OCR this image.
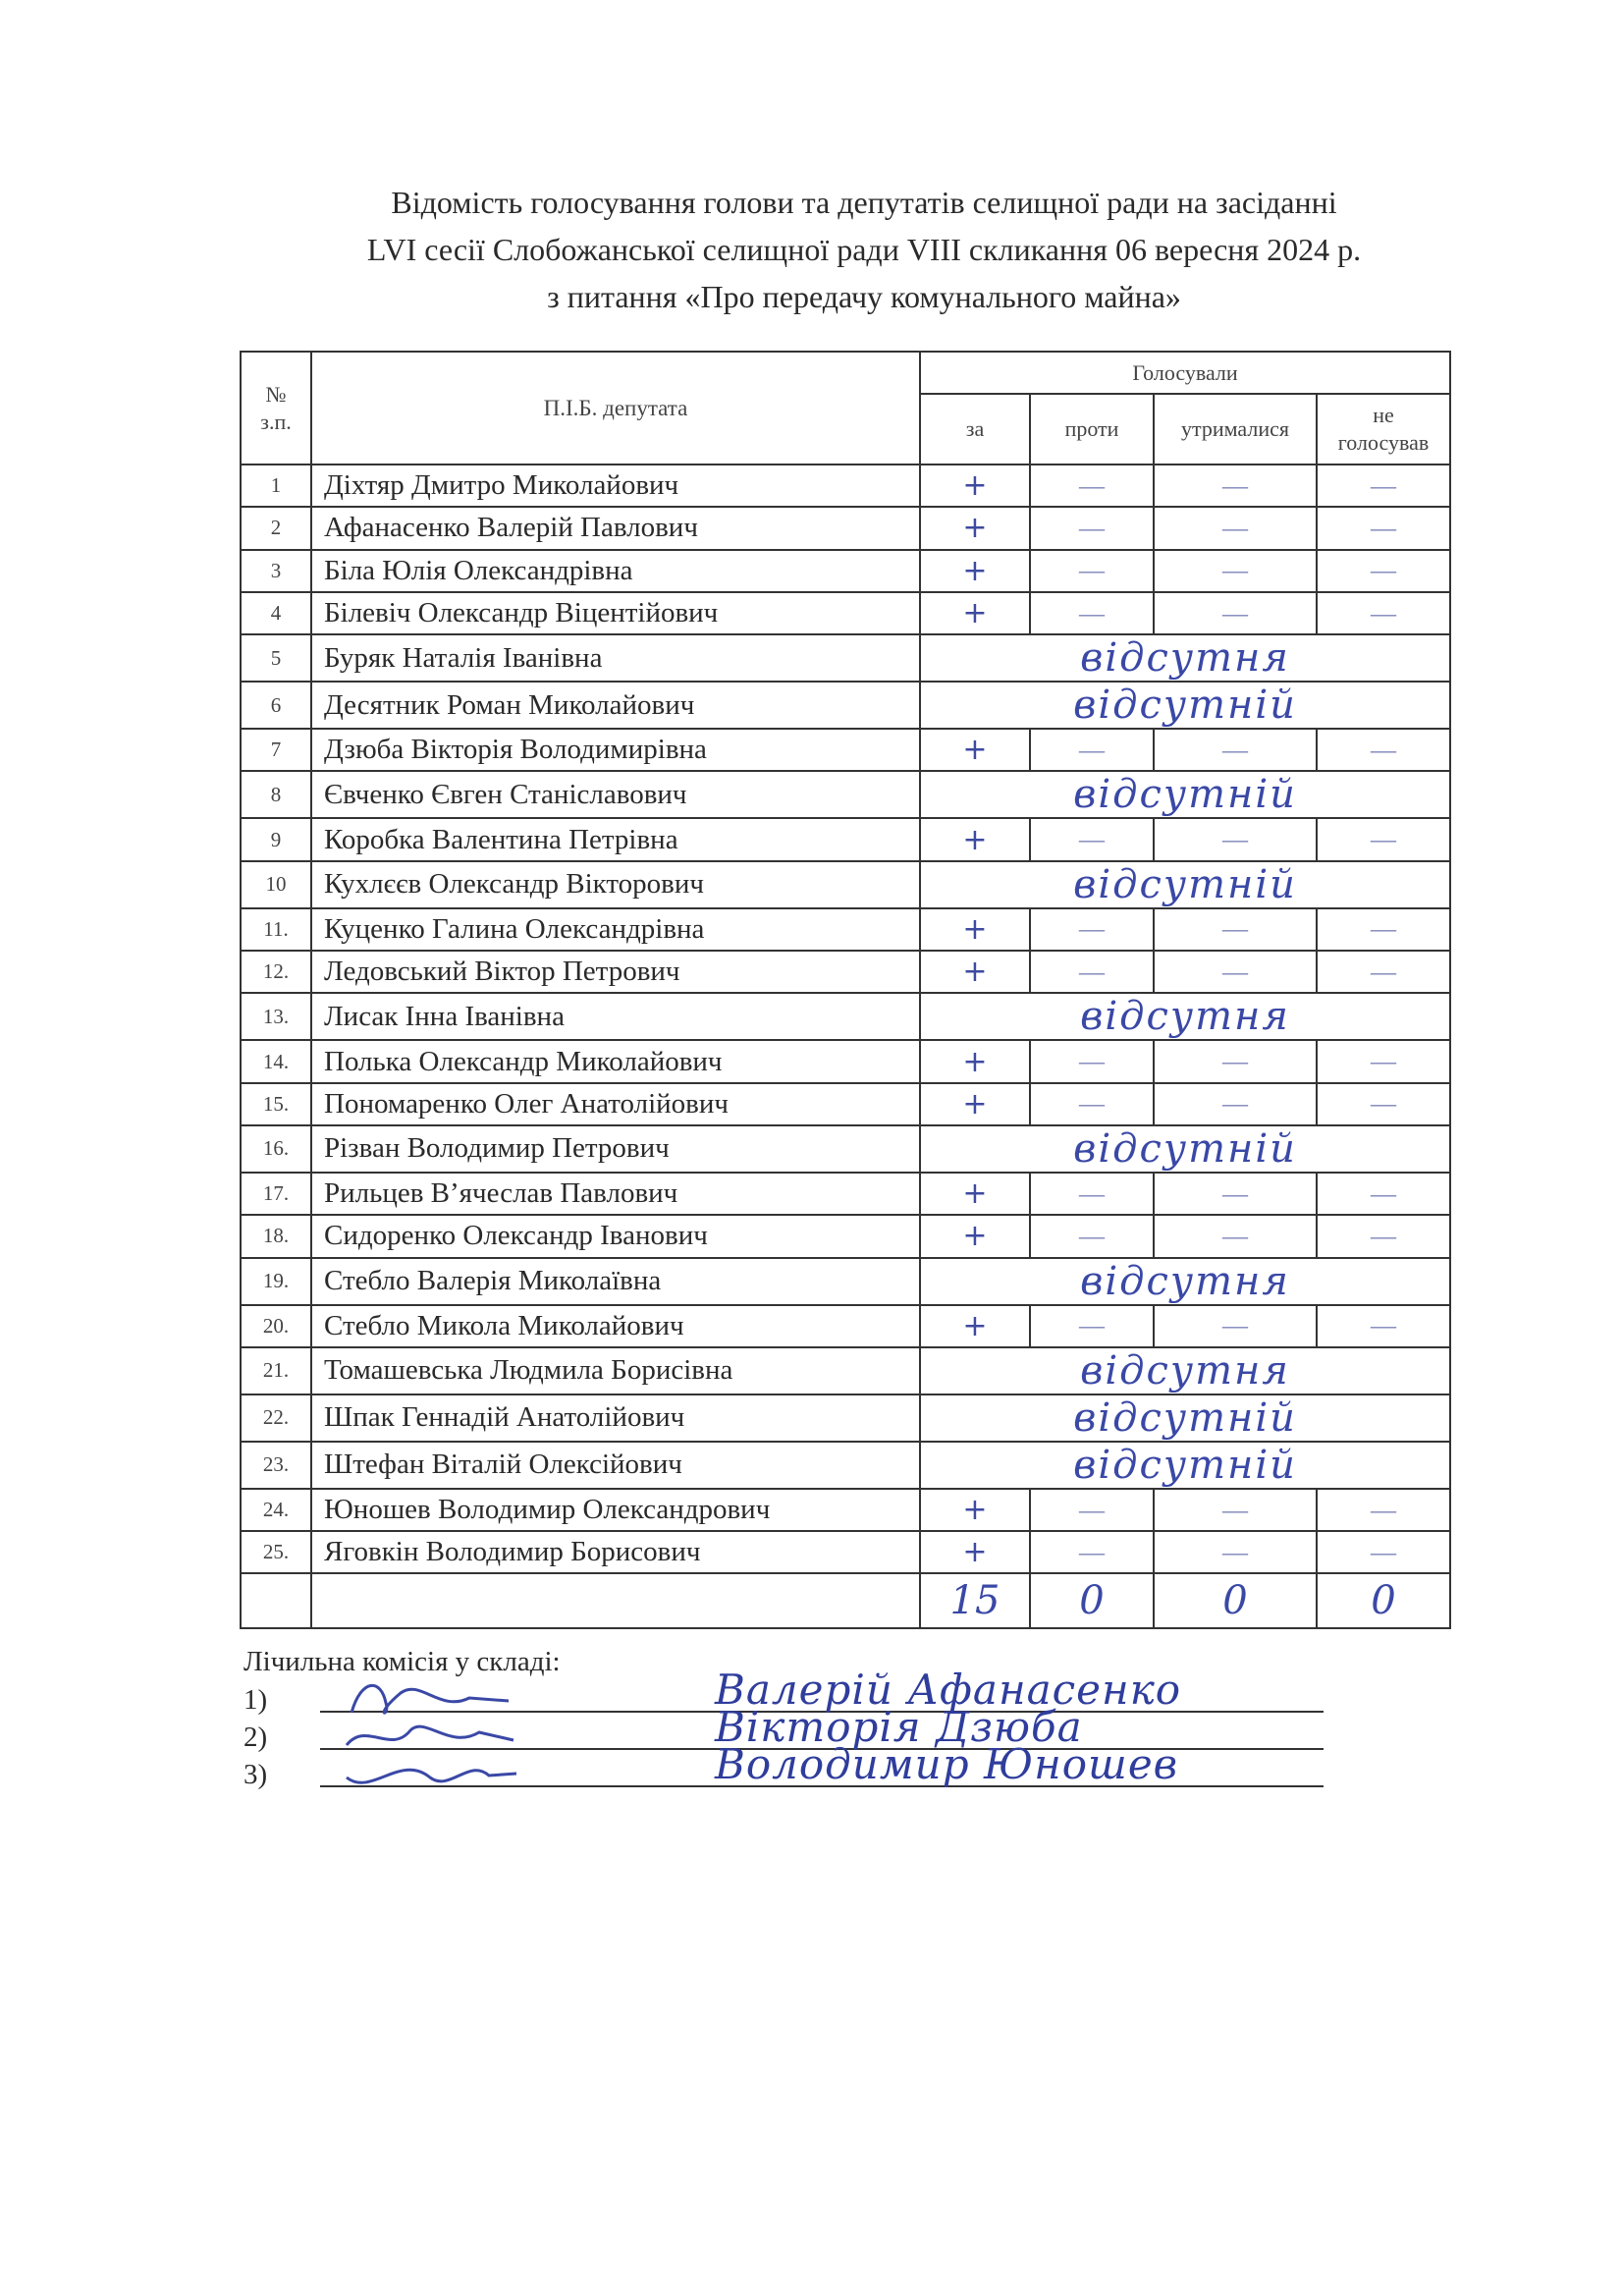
Відомість голосування голови та депутатів селищної ради на засіданні
LVI сесії Слобожанської селищної ради VIII скликання 06 вересня 2024 р.
з питання «Про передачу комунального майна»
№
з.п.	П.І.Б. депутата	Голосували			
		за	проти	утрималися	не
голосував
1	Діхтяр Дмитро Миколайович	+	—	—	—
2	Афанасенко Валерій Павлович	+	—	—	—
3	Біла Юлія Олександрівна	+	—	—	—
4	Білевіч Олександр Віцентійович	+	—	—	—
5	Буряк Наталія Іванівна	відсутня			
6	Десятник Роман Миколайович	відсутній			
7	Дзюба Вікторія Володимирівна	+	—	—	—
8	Євченко Євген Станіславович	відсутній			
9	Коробка Валентина Петрівна	+	—	—	—
10	Кухлєєв Олександр Вікторович	відсутній			
11.	Куценко Галина Олександрівна	+	—	—	—
12.	Ледовський Віктор Петрович	+	—	—	—
13.	Лисак Інна Іванівна	відсутня			
14.	Полька Олександр Миколайович	+	—	—	—
15.	Пономаренко Олег Анатолійович	+	—	—	—
16.	Різван Володимир Петрович	відсутній			
17.	Рильцев В’ячеслав Павлович	+	—	—	—
18.	Сидоренко Олександр Іванович	+	—	—	—
19.	Стебло Валерія Миколаївна	відсутня			
20.	Стебло Микола Миколайович	+	—	—	—
21.	Томашевська Людмила Борисівна	відсутня			
22.	Шпак Геннадій Анатолійович	відсутній			
23.	Штефан Віталій Олексійович	відсутній			
24.	Юношев Володимир Олександрович	+	—	—	—
25.	Яговкін Володимир Борисович	+	—	—	—
		15	0	0	0
Лічильна комісія у складі:
1)	Валерій Афанасенко
2)	Вікторія Дзюба
3)	Володимир Юношев
